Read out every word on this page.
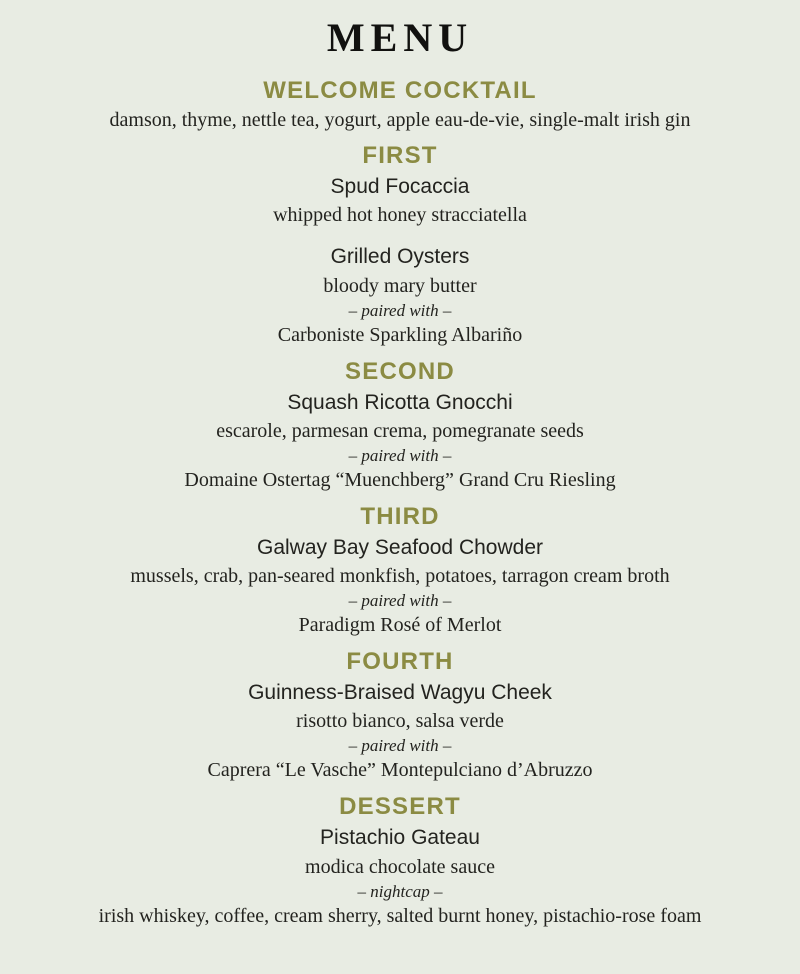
MENU
WELCOME COCKTAIL
damson, thyme, nettle tea, yogurt, apple eau-de-vie, single-malt irish gin
FIRST
Spud Focaccia
whipped hot honey stracciatella
Grilled Oysters
bloody mary butter
– paired with –
Carboniste Sparkling Albariño
SECOND
Squash Ricotta Gnocchi
escarole, parmesan crema, pomegranate seeds
– paired with –
Domaine Ostertag “Muenchberg” Grand Cru Riesling
THIRD
Galway Bay Seafood Chowder
mussels, crab, pan-seared monkfish, potatoes, tarragon cream broth
– paired with –
Paradigm Rosé of Merlot
FOURTH
Guinness-Braised Wagyu Cheek
risotto bianco, salsa verde
– paired with –
Caprera “Le Vasche” Montepulciano d’Abruzzo
DESSERT
Pistachio Gateau
modica chocolate sauce
– nightcap –
irish whiskey, coffee, cream sherry, salted burnt honey, pistachio-rose foam
